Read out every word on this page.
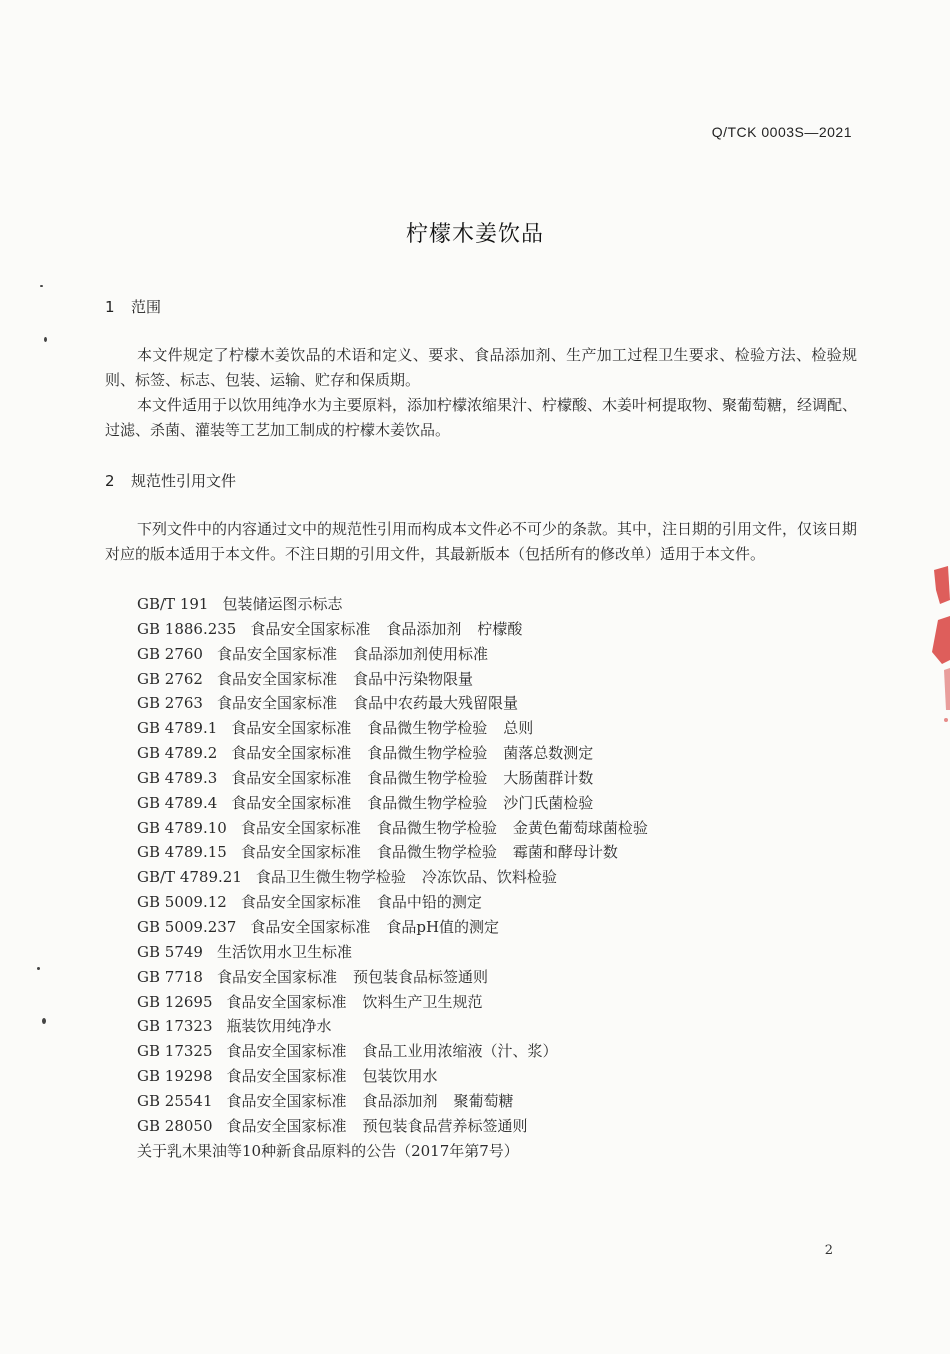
Q/TCK 0003S—2021
柠檬木姜饮品
1 范围
本文件规定了柠檬木姜饮品的术语和定义、要求、食品添加剂、生产加工过程卫生要求、检验方法、检验规则、标签、标志、包装、运输、贮存和保质期。
本文件适用于以饮用纯净水为主要原料，添加柠檬浓缩果汁、柠檬酸、木姜叶柯提取物、聚葡萄糖，经调配、过滤、杀菌、灌装等工艺加工制成的柠檬木姜饮品。
2 规范性引用文件
下列文件中的内容通过文中的规范性引用而构成本文件必不可少的条款。其中，注日期的引用文件，仅该日期对应的版本适用于本文件。不注日期的引用文件，其最新版本（包括所有的修改单）适用于本文件。
GB/T 191 包装储运图示标志
GB 1886.235 食品安全国家标准 食品添加剂 柠檬酸
GB 2760 食品安全国家标准 食品添加剂使用标准
GB 2762 食品安全国家标准 食品中污染物限量
GB 2763 食品安全国家标准 食品中农药最大残留限量
GB 4789.1 食品安全国家标准 食品微生物学检验 总则
GB 4789.2 食品安全国家标准 食品微生物学检验 菌落总数测定
GB 4789.3 食品安全国家标准 食品微生物学检验 大肠菌群计数
GB 4789.4 食品安全国家标准 食品微生物学检验 沙门氏菌检验
GB 4789.10 食品安全国家标准 食品微生物学检验 金黄色葡萄球菌检验
GB 4789.15 食品安全国家标准 食品微生物学检验 霉菌和酵母计数
GB/T 4789.21 食品卫生微生物学检验 冷冻饮品、饮料检验
GB 5009.12 食品安全国家标准 食品中铅的测定
GB 5009.237 食品安全国家标准 食品pH值的测定
GB 5749 生活饮用水卫生标准
GB 7718 食品安全国家标准 预包装食品标签通则
GB 12695 食品安全国家标准 饮料生产卫生规范
GB 17323 瓶装饮用纯净水
GB 17325 食品安全国家标准 食品工业用浓缩液（汁、浆）
GB 19298 食品安全国家标准 包装饮用水
GB 25541 食品安全国家标准 食品添加剂 聚葡萄糖
GB 28050 食品安全国家标准 预包装食品营养标签通则
关于乳木果油等10种新食品原料的公告（2017年第7号）
2
